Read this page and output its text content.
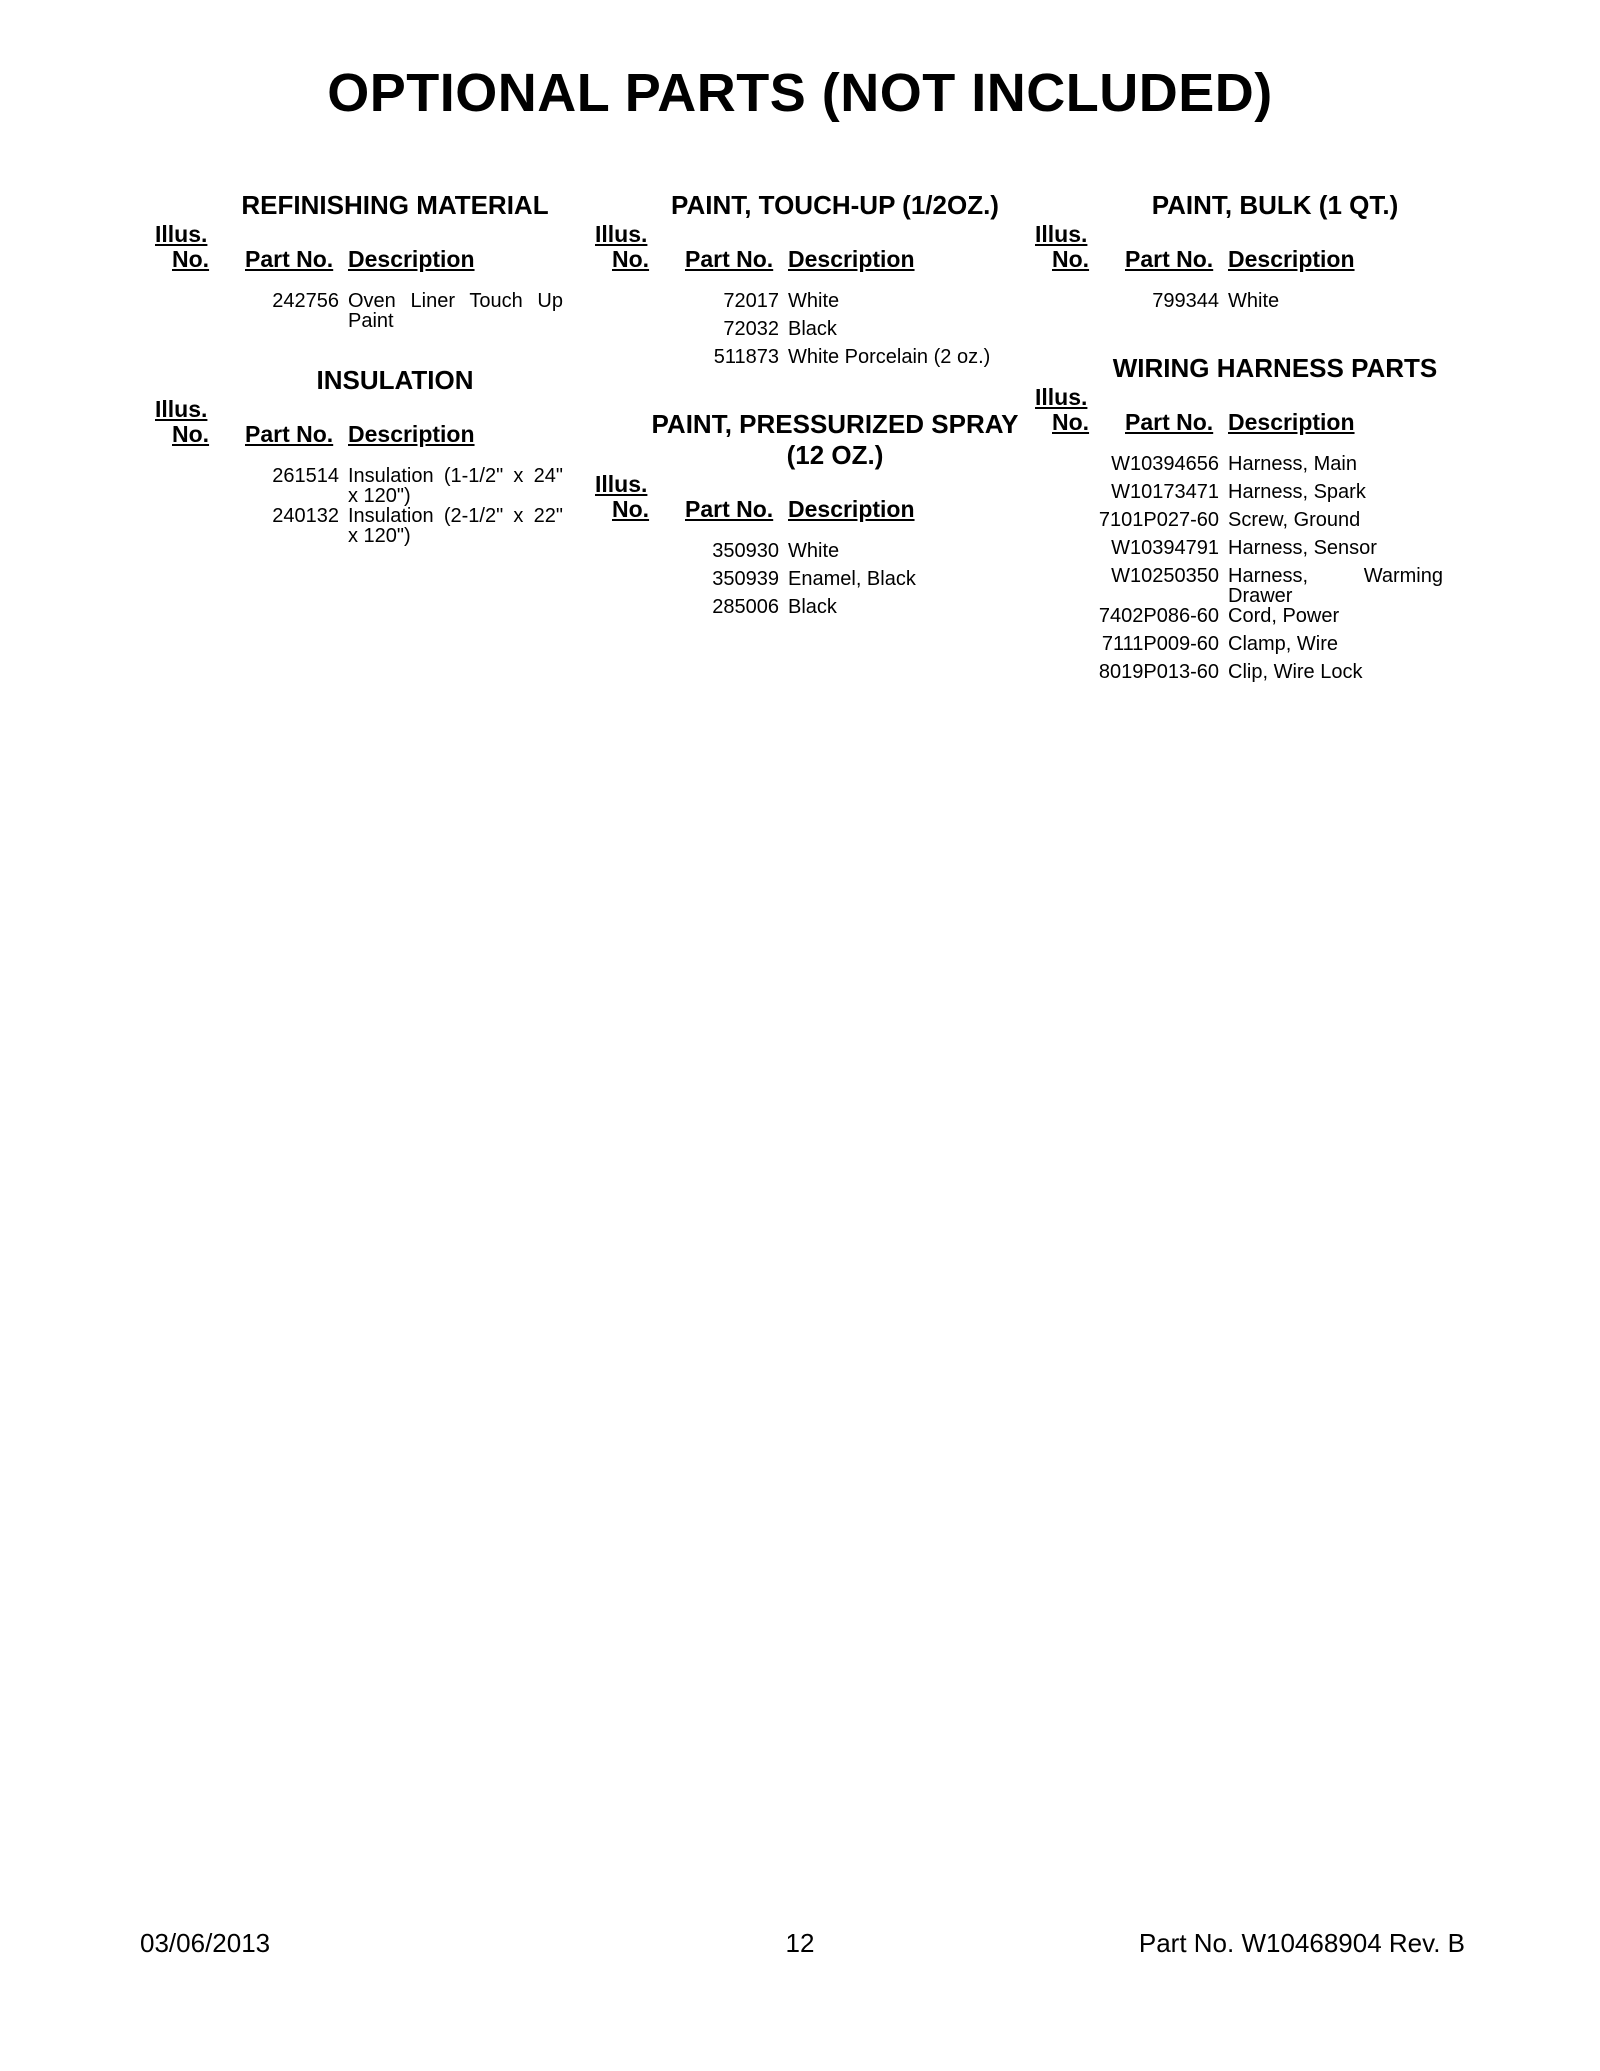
OPTIONAL PARTS (NOT INCLUDED)
REFINISHING MATERIAL
Illus.
No. Part No. Description
242756 Oven Liner Touch Up Paint
INSULATION
Illus.
No. Part No. Description
261514 Insulation (1-1/2" x 24" x 120")
240132 Insulation (2-1/2" x 22" x 120")
PAINT, TOUCH-UP (1/2OZ.)
Illus.
No. Part No. Description
72017 White
72032 Black
511873 White Porcelain (2 oz.)
PAINT, PRESSURIZED SPRAY (12 OZ.)
Illus.
No. Part No. Description
350930 White
350939 Enamel, Black
285006 Black
PAINT, BULK (1 QT.)
Illus.
No. Part No. Description
799344 White
WIRING HARNESS PARTS
Illus.
No. Part No. Description
W10394656 Harness, Main
W10173471 Harness, Spark
7101P027-60 Screw, Ground
W10394791 Harness, Sensor
W10250350 Harness, Warming Drawer
7402P086-60 Cord, Power
7111P009-60 Clamp, Wire
8019P013-60 Clip, Wire Lock
03/06/2013	12	Part No. W10468904 Rev. B
